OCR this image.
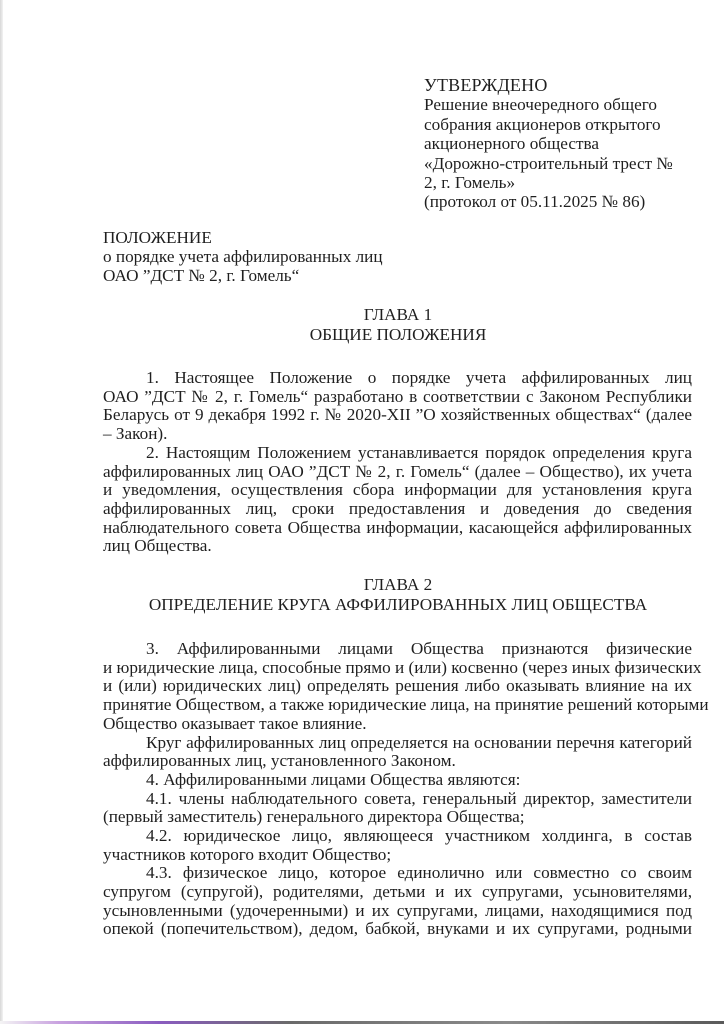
УТВЕРЖДЕНО
Решение внеочередного общего
собрания акционеров открытого
акционерного общества
«Дорожно-строительный трест №
2, г. Гомель»
(протокол от 05.11.2025 № 86)
ПОЛОЖЕНИЕ
о порядке учета аффилированных лиц
ОАО ”ДСТ № 2, г. Гомель“
ГЛАВА 1
ОБЩИЕ ПОЛОЖЕНИЯ
1. Настоящее Положение о порядке учета аффилированных лиц
ОАО ”ДСТ № 2, г. Гомель“ разработано в соответствии с Законом Республики
Беларусь от 9 декабря 1992 г. № 2020-XII ”О хозяйственных обществах“ (далее
– Закон).
2. Настоящим Положением устанавливается порядок определения круга
аффилированных лиц ОАО ”ДСТ № 2, г. Гомель“ (далее – Общество), их учета
и уведомления, осуществления сбора информации для установления круга
аффилированных лиц, сроки предоставления и доведения до сведения
наблюдательного совета Общества информации, касающейся аффилированных
лиц Общества.
ГЛАВА 2
ОПРЕДЕЛЕНИЕ КРУГА АФФИЛИРОВАННЫХ ЛИЦ ОБЩЕСТВА
3. Аффилированными лицами Общества признаются физические
и юридические лица, способные прямо и (или) косвенно (через иных физических
и (или) юридических лиц) определять решения либо оказывать влияние на их
принятие Обществом, а также юридические лица, на принятие решений которыми
Общество оказывает такое влияние.
Круг аффилированных лиц определяется на основании перечня категорий
аффилированных лиц, установленного Законом.
4. Аффилированными лицами Общества являются:
4.1. члены наблюдательного совета, генеральный директор, заместители
(первый заместитель) генерального директора Общества;
4.2. юридическое лицо, являющееся участником холдинга, в состав
участников которого входит Общество;
4.3. физическое лицо, которое единолично или совместно со своим
супругом (супругой), родителями, детьми и их супругами, усыновителями,
усыновленными (удочеренными) и их супругами, лицами, находящимися под
опекой (попечительством), дедом, бабкой, внуками и их супругами, родными
